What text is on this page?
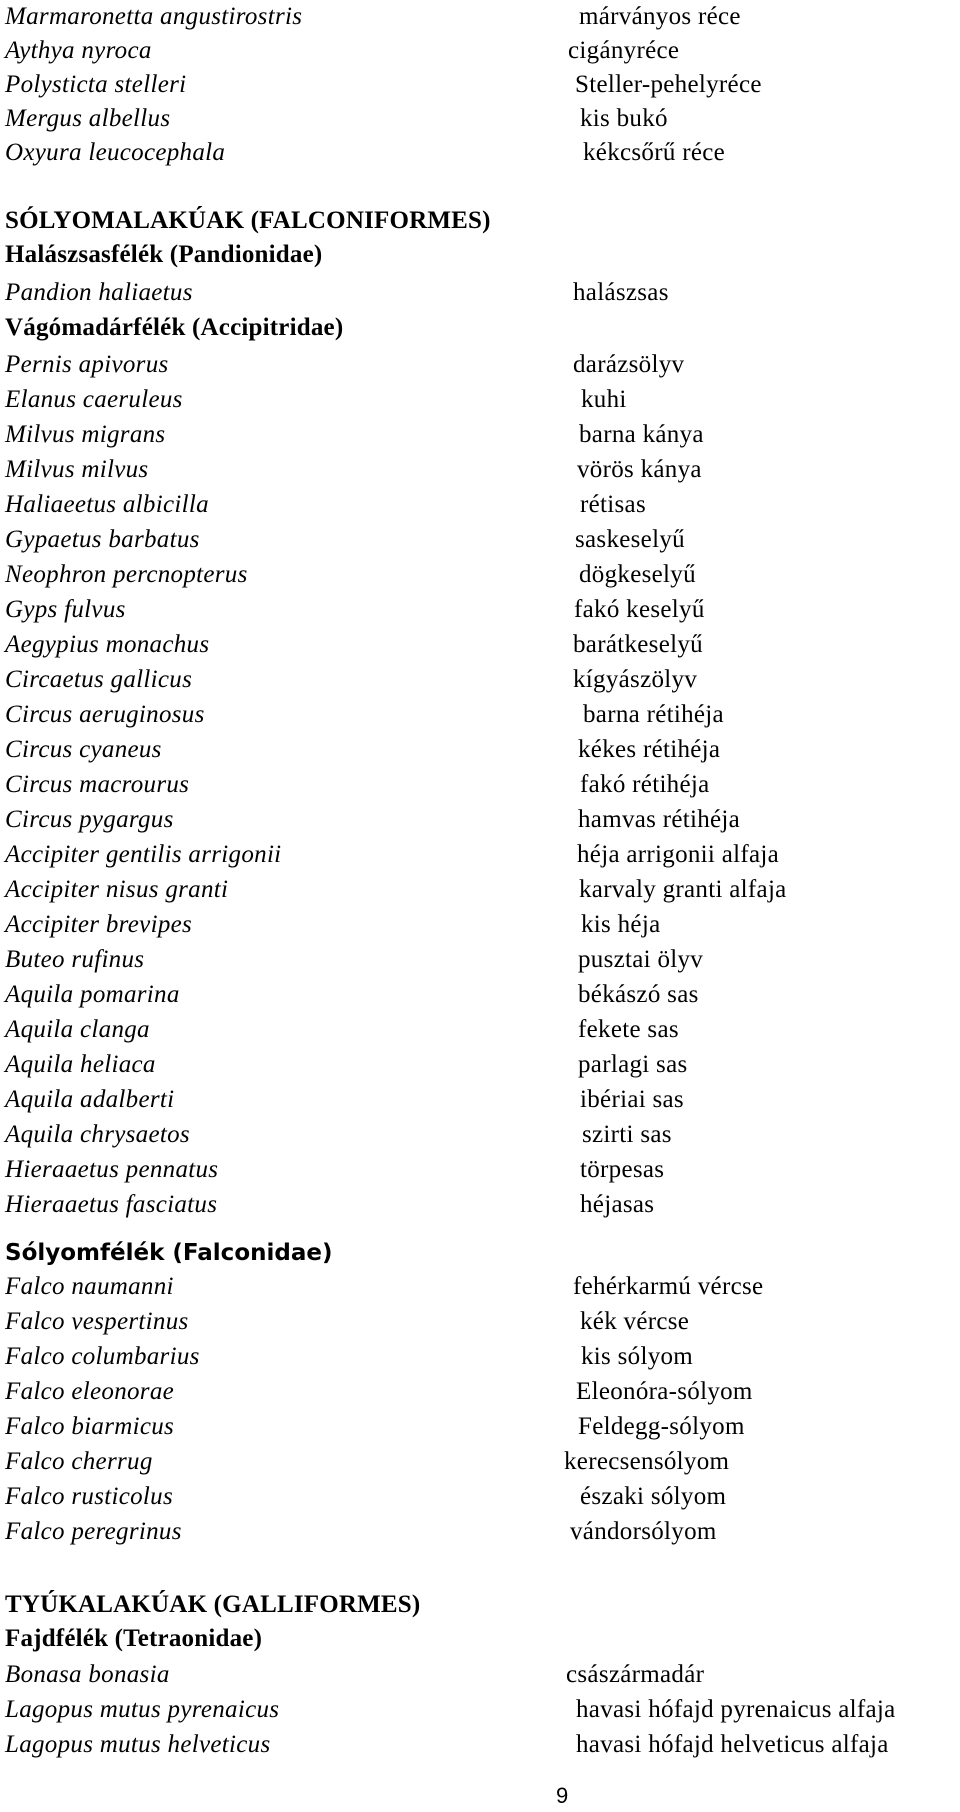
Marmaronetta angustirostris	márványos réce
Aythya nyroca	cigányréce
Polysticta stelleri	Steller-pehelyréce
Mergus albellus	kis bukó
Oxyura leucocephala	kékcsőrű réce
SÓLYOMALAKÚAK (FALCONIFORMES)
Halászsasfélék (Pandionidae)
Pandion haliaetus	halászsas
Vágómadárfélék (Accipitridae)
Pernis apivorus	darázsölyv
Elanus caeruleus	kuhi
Milvus migrans	barna kánya
Milvus milvus	vörös kánya
Haliaeetus albicilla	rétisas
Gypaetus barbatus	saskeselyű
Neophron percnopterus	dögkeselyű
Gyps fulvus	fakó keselyű
Aegypius monachus	barátkeselyű
Circaetus gallicus	kígyászölyv
Circus aeruginosus	barna rétihéja
Circus cyaneus	kékes rétihéja
Circus macrourus	fakó rétihéja
Circus pygargus	hamvas rétihéja
Accipiter gentilis arrigonii	héja arrigonii alfaja
Accipiter nisus granti	karvaly granti alfaja
Accipiter brevipes	kis héja
Buteo rufinus	pusztai ölyv
Aquila pomarina	békászó sas
Aquila clanga	fekete sas
Aquila heliaca	parlagi sas
Aquila adalberti	ibériai sas
Aquila chrysaetos	szirti sas
Hieraaetus pennatus	törpesas
Hieraaetus fasciatus	héjasas
Sólyomfélék (Falconidae)
Falco naumanni	fehérkarmú vércse
Falco vespertinus	kék vércse
Falco columbarius	kis sólyom
Falco eleonorae	Eleonóra-sólyom
Falco biarmicus	Feldegg-sólyom
Falco cherrug	kerecsensólyom
Falco rusticolus	északi sólyom
Falco peregrinus	vándorsólyom
TYÚKALAKÚAK (GALLIFORMES)
Fajdfélék (Tetraonidae)
Bonasa bonasia	császármadár
Lagopus mutus pyrenaicus	havasi hófajd pyrenaicus alfaja
Lagopus mutus helveticus	havasi hófajd helveticus alfaja
9
